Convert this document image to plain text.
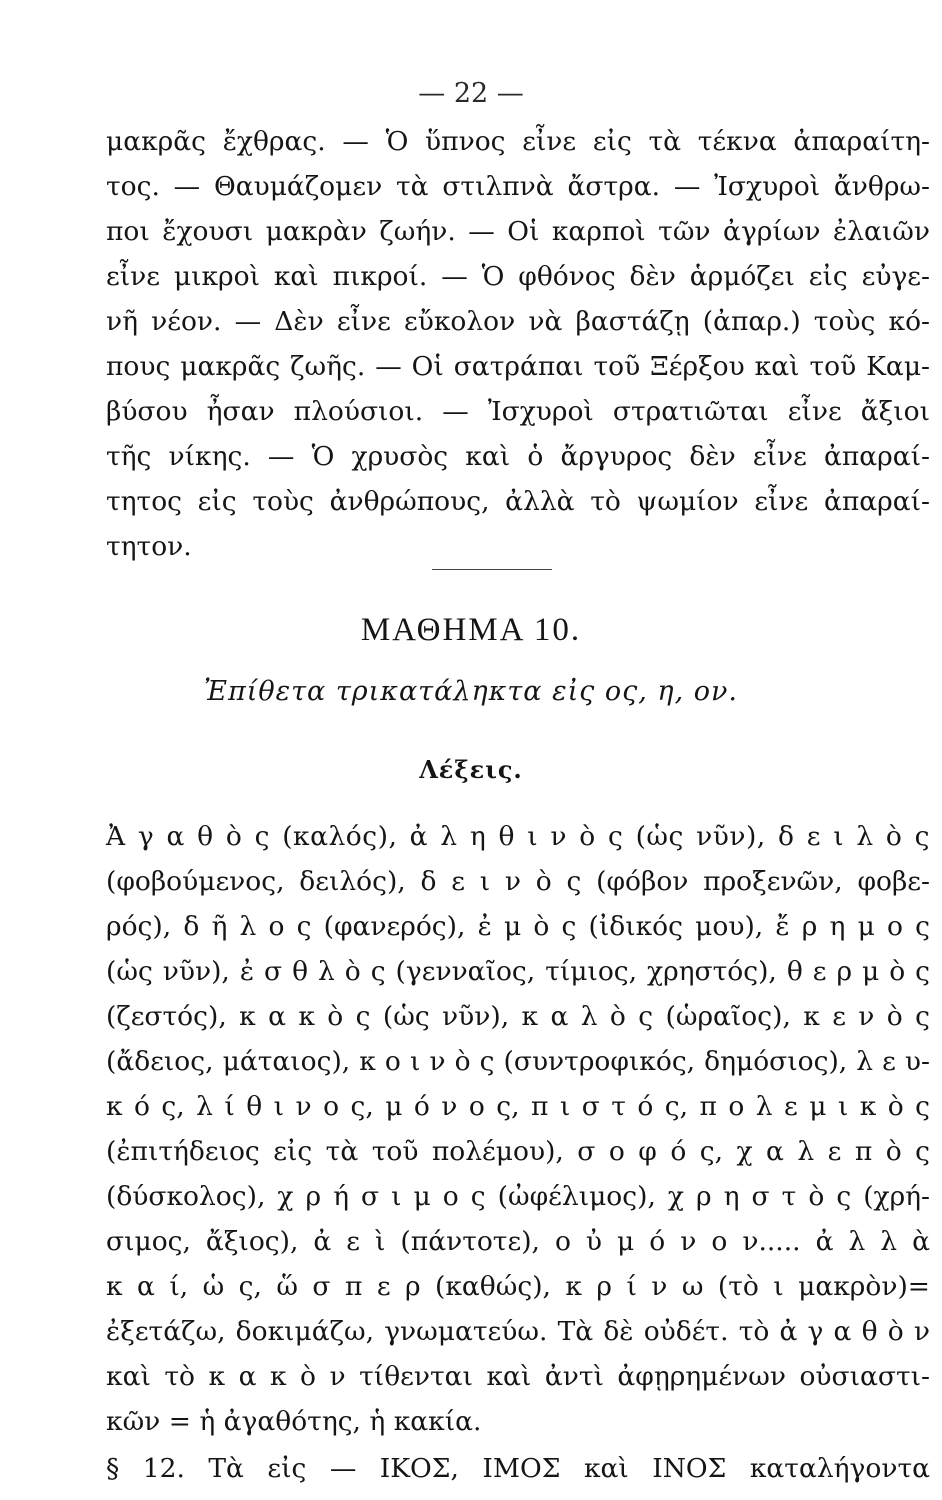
— 22 —
μακρᾶς ἔχθρας. — Ὁ ὕπνος εἶνε εἰς τὰ τέκνα ἀπαραίτη-
τος. — Θαυμάζομεν τὰ στιλπνὰ ἄστρα. — Ἰσχυροὶ ἄνθρω-
ποι ἔχουσι μακρὰν ζωήν. — Οἱ καρποὶ τῶν ἀγρίων ἐλαιῶν
εἶνε μικροὶ καὶ πικροί. — Ὁ φθόνος δὲν ἁρμόζει εἰς εὐγε-
νῆ νέον. — Δὲν εἶνε εὔκολον νὰ βαστάζῃ (ἀπαρ.) τοὺς κό-
πους μακρᾶς ζωῆς. — Οἱ σατράπαι τοῦ Ξέρξου καὶ τοῦ Καμ-
βύσου ἦσαν πλούσιοι. — Ἰσχυροὶ στρατιῶται εἶνε ἄξιοι
τῆς νίκης. — Ὁ χρυσὸς καὶ ὁ ἄργυρος δὲν εἶνε ἀπαραί-
τητος εἰς τοὺς ἀνθρώπους, ἀλλὰ τὸ ψωμίον εἶνε ἀπαραί-
τητον.
ΜΑΘΗΜΑ 10.
Ἐπίθετα τρικατάληκτα εἰς ος, η, ον.
Λέξεις.
Ἀ γ α θ ὸ ς (καλός), ἀ λ η θ ι ν ὸ ς (ὡς νῦν), δ ε ι λ ὸ ς
(φοβούμενος, δειλός), δ ε ι ν ὸ ς (φόβον προξενῶν, φοβε-
ρός), δ ῆ λ ο ς (φανερός), ἐ μ ὸ ς (ἰδικός μου), ἔ ρ η μ ο ς
(ὡς νῦν), ἐ σ θ λ ὸ ς (γενναῖος, τίμιος, χρηστός), θ ε ρ μ ὸ ς
(ζεστός), κ α κ ὸ ς (ὡς νῦν), κ α λ ὸ ς (ὡραῖος), κ ε ν ὸ ς
(ἄδειος, μάταιος), κ ο ι ν ὸ ς (συντροφικός, δημόσιος), λ ε υ-
κ ό ς, λ ί θ ι ν ο ς, μ ό ν ο ς, π ι σ τ ό ς, π ο λ ε μ ι κ ὸ ς
(ἐπιτήδειος εἰς τὰ τοῦ πολέμου), σ ο φ ό ς, χ α λ ε π ὸ ς
(δύσκολος), χ ρ ή σ ι μ ο ς (ὠφέλιμος), χ ρ η σ τ ὸ ς (χρή-
σιμος, ἄξιος), ἀ ε ὶ (πάντοτε), ο ὐ μ ό ν ο ν..... ἀ λ λ ὰ
κ α ί, ὡ ς, ὥ σ π ε ρ (καθώς), κ ρ ί ν ω (τὸ ι μακρὸν)=
ἐξετάζω, δοκιμάζω, γνωματεύω. Τὰ δὲ οὐδέτ. τὸ ἀ γ α θ ὸ ν
καὶ τὸ κ α κ ὸ ν τίθενται καὶ ἀντὶ ἀφῃρημένων οὐσιαστι-
κῶν = ἡ ἀγαθότης, ἡ κακία.
§ 12. Τὰ εἰς — ΙΚΟΣ, ΙΜΟΣ καὶ ΙΝΟΣ καταλήγοντα
